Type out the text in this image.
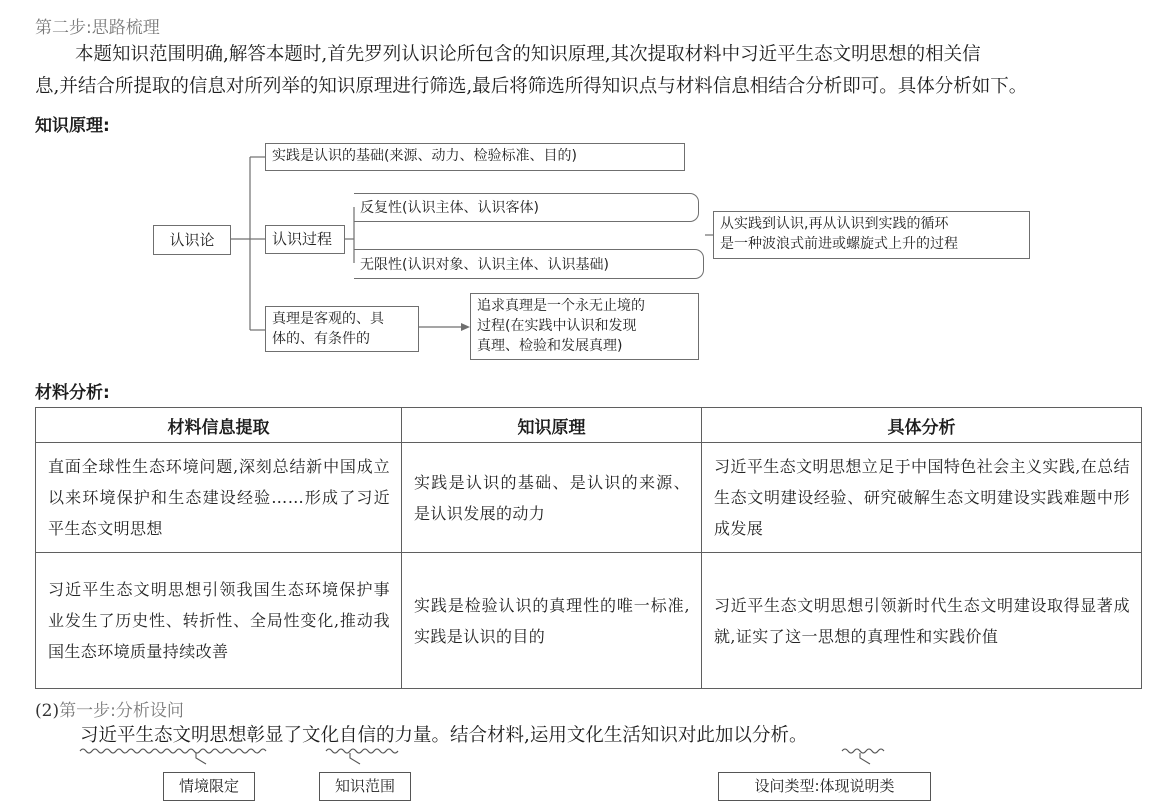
第二步:思路梳理
本题知识范围明确,解答本题时,首先罗列认识论所包含的知识原理,其次提取材料中习近平生态文明思想的相关信
息,并结合所提取的信息对所列举的知识原理进行筛选,最后将筛选所得知识点与材料信息相结合分析即可。具体分析如下。
知识原理:
认识论
实践是认识的基础(来源、动力、检验标准、目的)
认识过程
反复性(认识主体、认识客体)
无限性(认识对象、认识主体、认识基础)
从实践到认识,再从认识到实践的循环
是一种波浪式前进或螺旋式上升的过程
真理是客观的、具
体的、有条件的
追求真理是一个永无止境的
过程(在实践中认识和发现
真理、检验和发展真理)
材料分析:
材料信息提取	知识原理	具体分析
直面全球性生态环境问题,深刻总结新中国成立以来环境保护和生态建设经验……形成了习近平生态文明思想	实践是认识的基础、是认识的来源、是认识发展的动力	习近平生态文明思想立足于中国特色社会主义实践,在总结生态文明建设经验、研究破解生态文明建设实践难题中形成发展
习近平生态文明思想引领我国生态环境保护事业发生了历史性、转折性、全局性变化,推动我国生态环境质量持续改善	实践是检验认识的真理性的唯一标准,实践是认识的目的	习近平生态文明思想引领新时代生态文明建设取得显著成就,证实了这一思想的真理性和实践价值
(2)第一步:分析设问
习近平生态文明思想彰显了文化自信的力量。结合材料,运用文化生活知识对此加以分析。
情境限定	知识范围	设问类型:体现说明类
